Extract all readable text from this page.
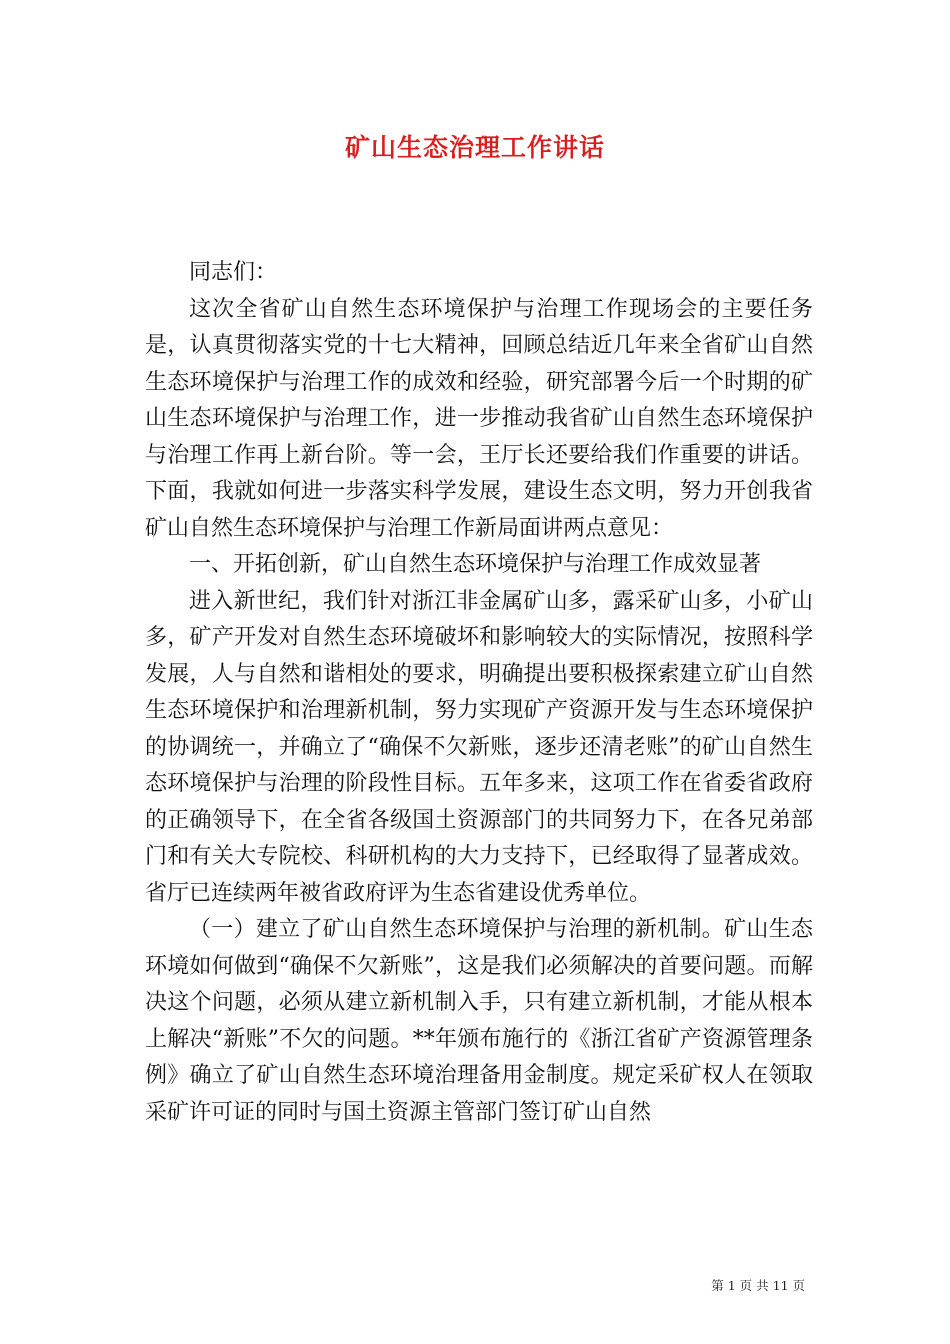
矿山生态治理工作讲话

同志们：

这次全省矿山自然生态环境保护与治理工作现场会的主要任务是，认真贯彻落实党的十七大精神，回顾总结近几年来全省矿山自然生态环境保护与治理工作的成效和经验，研究部署今后一个时期的矿山生态环境保护与治理工作，进一步推动我省矿山自然生态环境保护与治理工作再上新台阶。等一会，王厅长还要给我们作重要的讲话。下面，我就如何进一步落实科学发展，建设生态文明，努力开创我省矿山自然生态环境保护与治理工作新局面讲两点意见：

一、开拓创新，矿山自然生态环境保护与治理工作成效显著

进入新世纪，我们针对浙江非金属矿山多，露采矿山多，小矿山多，矿产开发对自然生态环境破坏和影响较大的实际情况，按照科学发展，人与自然和谐相处的要求，明确提出要积极探索建立矿山自然生态环境保护和治理新机制，努力实现矿产资源开发与生态环境保护的协调统一，并确立了“确保不欠新账，逐步还清老账”的矿山自然生态环境保护与治理的阶段性目标。五年多来，这项工作在省委省政府的正确领导下，在全省各级国土资源部门的共同努力下，在各兄弟部门和有关大专院校、科研机构的大力支持下，已经取得了显著成效。省厅已连续两年被省政府评为生态省建设优秀单位。

（一）建立了矿山自然生态环境保护与治理的新机制。矿山生态环境如何做到“确保不欠新账”，这是我们必须解决的首要问题。而解决这个问题，必须从建立新机制入手，只有建立新机制，才能从根本上解决“新账”不欠的问题。**年颁布施行的《浙江省矿产资源管理条例》确立了矿山自然生态环境治理备用金制度。规定采矿权人在领取采矿许可证的同时与国土资源主管部门签订矿山自然

第 1 页 共 11 页
